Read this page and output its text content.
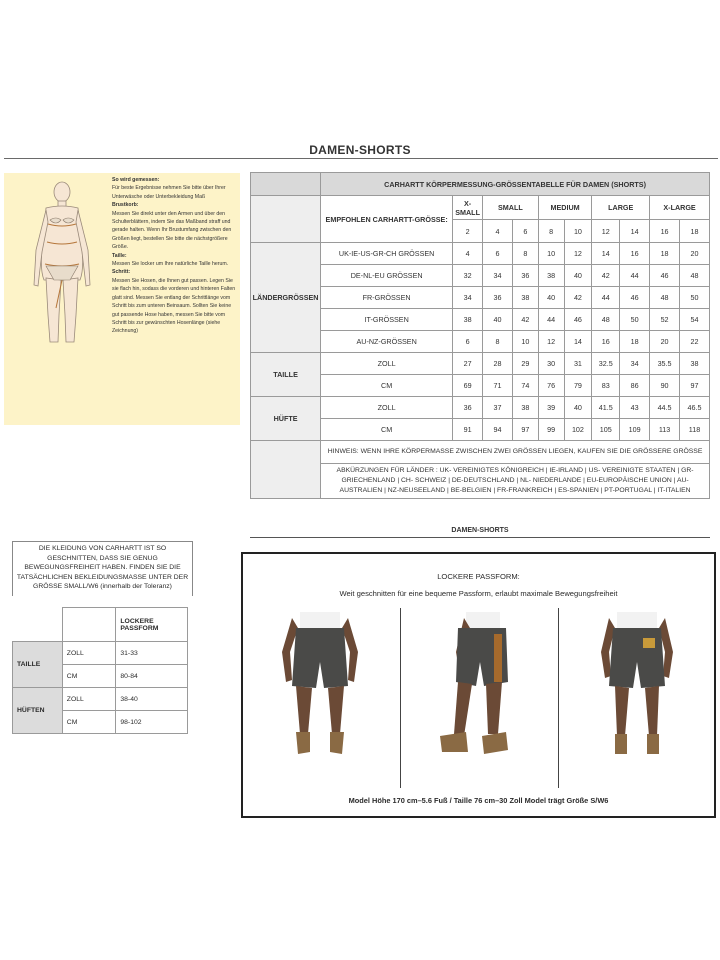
DAMEN-SHORTS
So wird gemessen:
Für beste Ergebnisse nehmen Sie bitte über Ihrer Unterwäsche oder Unterbekleidung Maß
Brustkorb:
Messen Sie direkt unter den Armen und über den Schulterblättern, indem Sie das Maßband straff und gerade halten. Wenn Ihr Brustumfang zwischen den Größen liegt, bestellen Sie bitte die nächstgrößere Größe.
Taille:
Messen Sie locker um Ihre natürliche Taille herum.
Schritt:
Messen Sie Hosen, die Ihnen gut passen. Legen Sie sie flach hin, sodass die vorderen und hinteren Falten glatt sind. Messen Sie entlang der Schrittlänge vom Schritt bis zum unteren Beinsaum. Sollten Sie keine gut passende Hose haben, messen Sie bitte vom Schritt bis zur gewünschten Hosenlänge (siehe Zeichnung)
	CARHARTT KÖRPERMESSUNG-GRÖSSENTABELLE FÜR DAMEN (SHORTS)									
	EMPFOHLEN CARHARTT-GRÖSSE:	X-SMALL	SMALL		MEDIUM		LARGE		X-LARGE	
		2	4	6	8	10	12	14	16	18
LÄNDERGRÖSSEN	UK-IE-US-GR-CH GRÖSSEN	4	6	8	10	12	14	16	18	20
	DE-NL-EU GRÖSSEN	32	34	36	38	40	42	44	46	48
	FR-GRÖSSEN	34	36	38	40	42	44	46	48	50
	IT-GRÖSSEN	38	40	42	44	46	48	50	52	54
	AU-NZ-GRÖSSEN	6	8	10	12	14	16	18	20	22
TAILLE	ZOLL	27	28	29	30	31	32.5	34	35.5	38
	CM	69	71	74	76	79	83	86	90	97
HÜFTE	ZOLL	36	37	38	39	40	41.5	43	44.5	46.5
	CM	91	94	97	99	102	105	109	113	118
	HINWEIS: WENN IHRE KÖRPERMASSE ZWISCHEN ZWEI GRÖSSEN LIEGEN, KAUFEN SIE DIE GRÖSSERE GRÖSSE									
	ABKÜRZUNGEN FÜR LÄNDER : UK- VEREINIGTES KÖNIGREICH | IE-IRLAND | US- VEREINIGTE STAATEN | GR-GRIECHENLAND | CH- SCHWEIZ | DE-DEUTSCHLAND | NL- NIEDERLANDE | EU-EUROPÄISCHE UNION | AU-AUSTRALIEN | NZ-NEUSEELAND | BE-BELGIEN | FR-FRANKREICH | ES-SPANIEN | PT-PORTUGAL | IT-ITALIEN									
DAMEN-SHORTS
DIE KLEIDUNG VON CARHARTT IST SO GESCHNITTEN, DASS SIE GENUG BEWEGUNGSFREIHEIT HABEN. FINDEN SIE DIE TATSÄCHLICHEN BEKLEIDUNGSMASSE UNTER DER GRÖSSE SMALL/W6 (innerhalb der Toleranz)
		LOCKERE PASSFORM
TAILLE	ZOLL	31-33
	CM	80-84
HÜFTEN	ZOLL	38-40
	CM	98-102
LOCKERE PASSFORM:
Weit geschnitten für eine bequeme Passform, erlaubt maximale Bewegungsfreiheit
Model Höhe 170 cm–5.6 Fuß / Taille 76 cm–30 Zoll Model trägt Größe S/W6
